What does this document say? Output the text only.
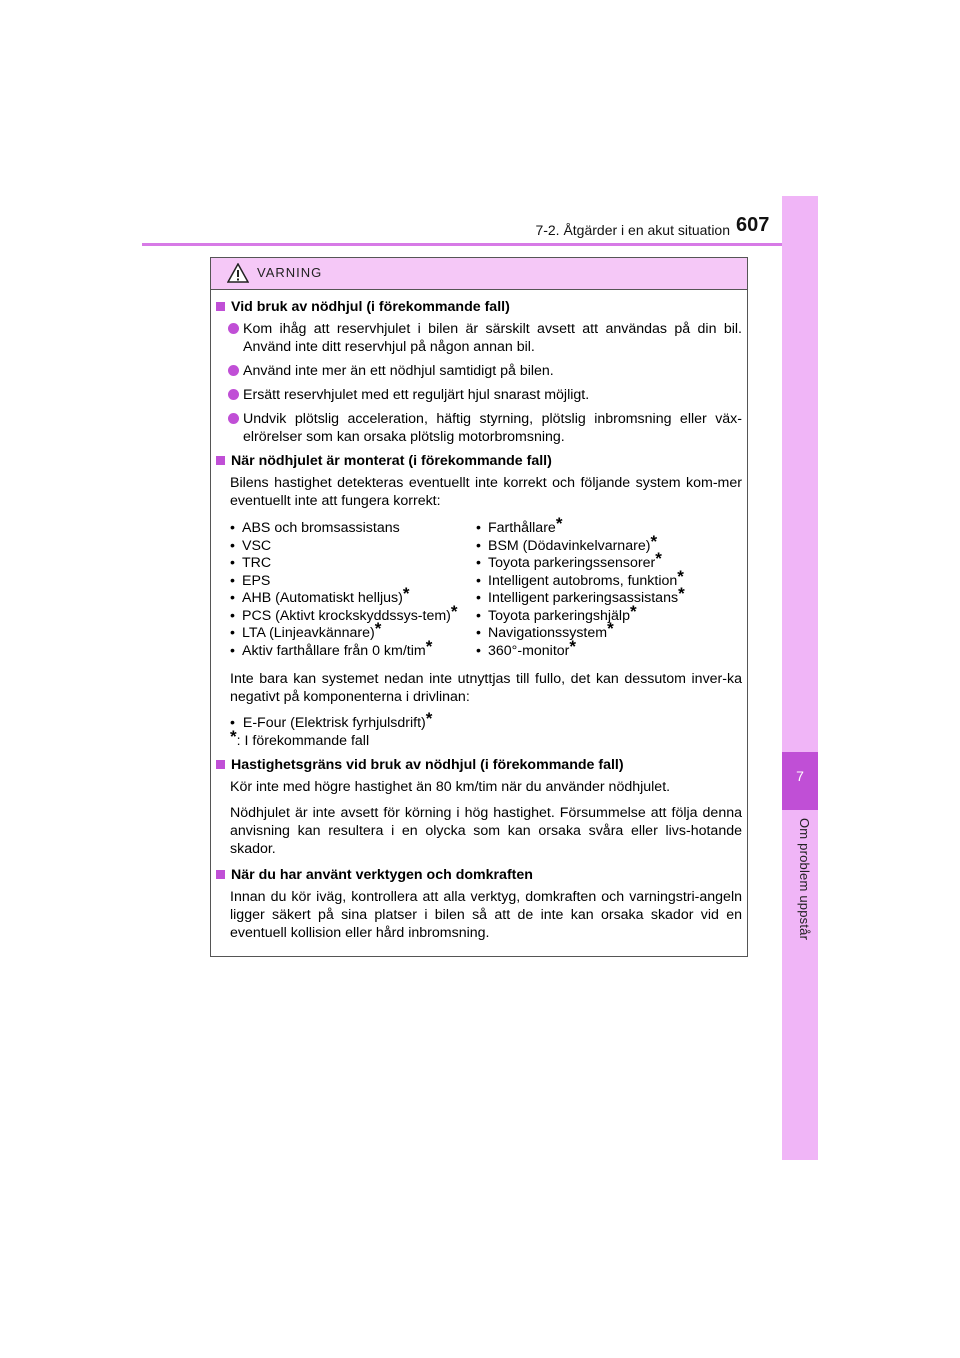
7-2. Åtgärder i en akut situation 607
7
Om problem uppstår
VARNING
Vid bruk av nödhjul (i förekommande fall)
Kom ihåg att reservhjulet i bilen är särskilt avsett att användas på din bil. Använd inte ditt reservhjul på någon annan bil.
Använd inte mer än ett nödhjul samtidigt på bilen.
Ersätt reservhjulet med ett reguljärt hjul snarast möjligt.
Undvik plötslig acceleration, häftig styrning, plötslig inbromsning eller väx-elrörelser som kan orsaka plötslig motorbromsning.
När nödhjulet är monterat (i förekommande fall)
Bilens hastighet detekteras eventuellt inte korrekt och följande system kom-mer eventuellt inte att fungera korrekt:
• ABS och bromsassistans
• VSC
• TRC
• EPS
• AHB (Automatiskt helljus)*
• PCS (Aktivt krockskyddssys-tem)*
• LTA (Linjeavkännare)*
• Aktiv farthållare från 0 km/tim*
• Farthållare*
• BSM (Dödavinkelvarnare)*
• Toyota parkeringssensorer*
• Intelligent autobroms, funktion*
• Intelligent parkeringsassistans*
• Toyota parkeringshjälp*
• Navigationssystem*
• 360°-monitor*
Inte bara kan systemet nedan inte utnyttjas till fullo, det kan dessutom inver-ka negativt på komponenterna i drivlinan:
•  E-Four (Elektrisk fyrhjulsdrift)*
*: I förekommande fall
Hastighetsgräns vid bruk av nödhjul (i förekommande fall)
Kör inte med högre hastighet än 80 km/tim när du använder nödhjulet.
Nödhjulet är inte avsett för körning i hög hastighet. Försummelse att följa denna anvisning kan resultera i en olycka som kan orsaka svåra eller livs-hotande skador.
När du har använt verktygen och domkraften
Innan du kör iväg, kontrollera att alla verktyg, domkraften och varningstri-angeln ligger säkert på sina platser i bilen så att de inte kan orsaka skador vid en eventuell kollision eller hård inbromsning.
